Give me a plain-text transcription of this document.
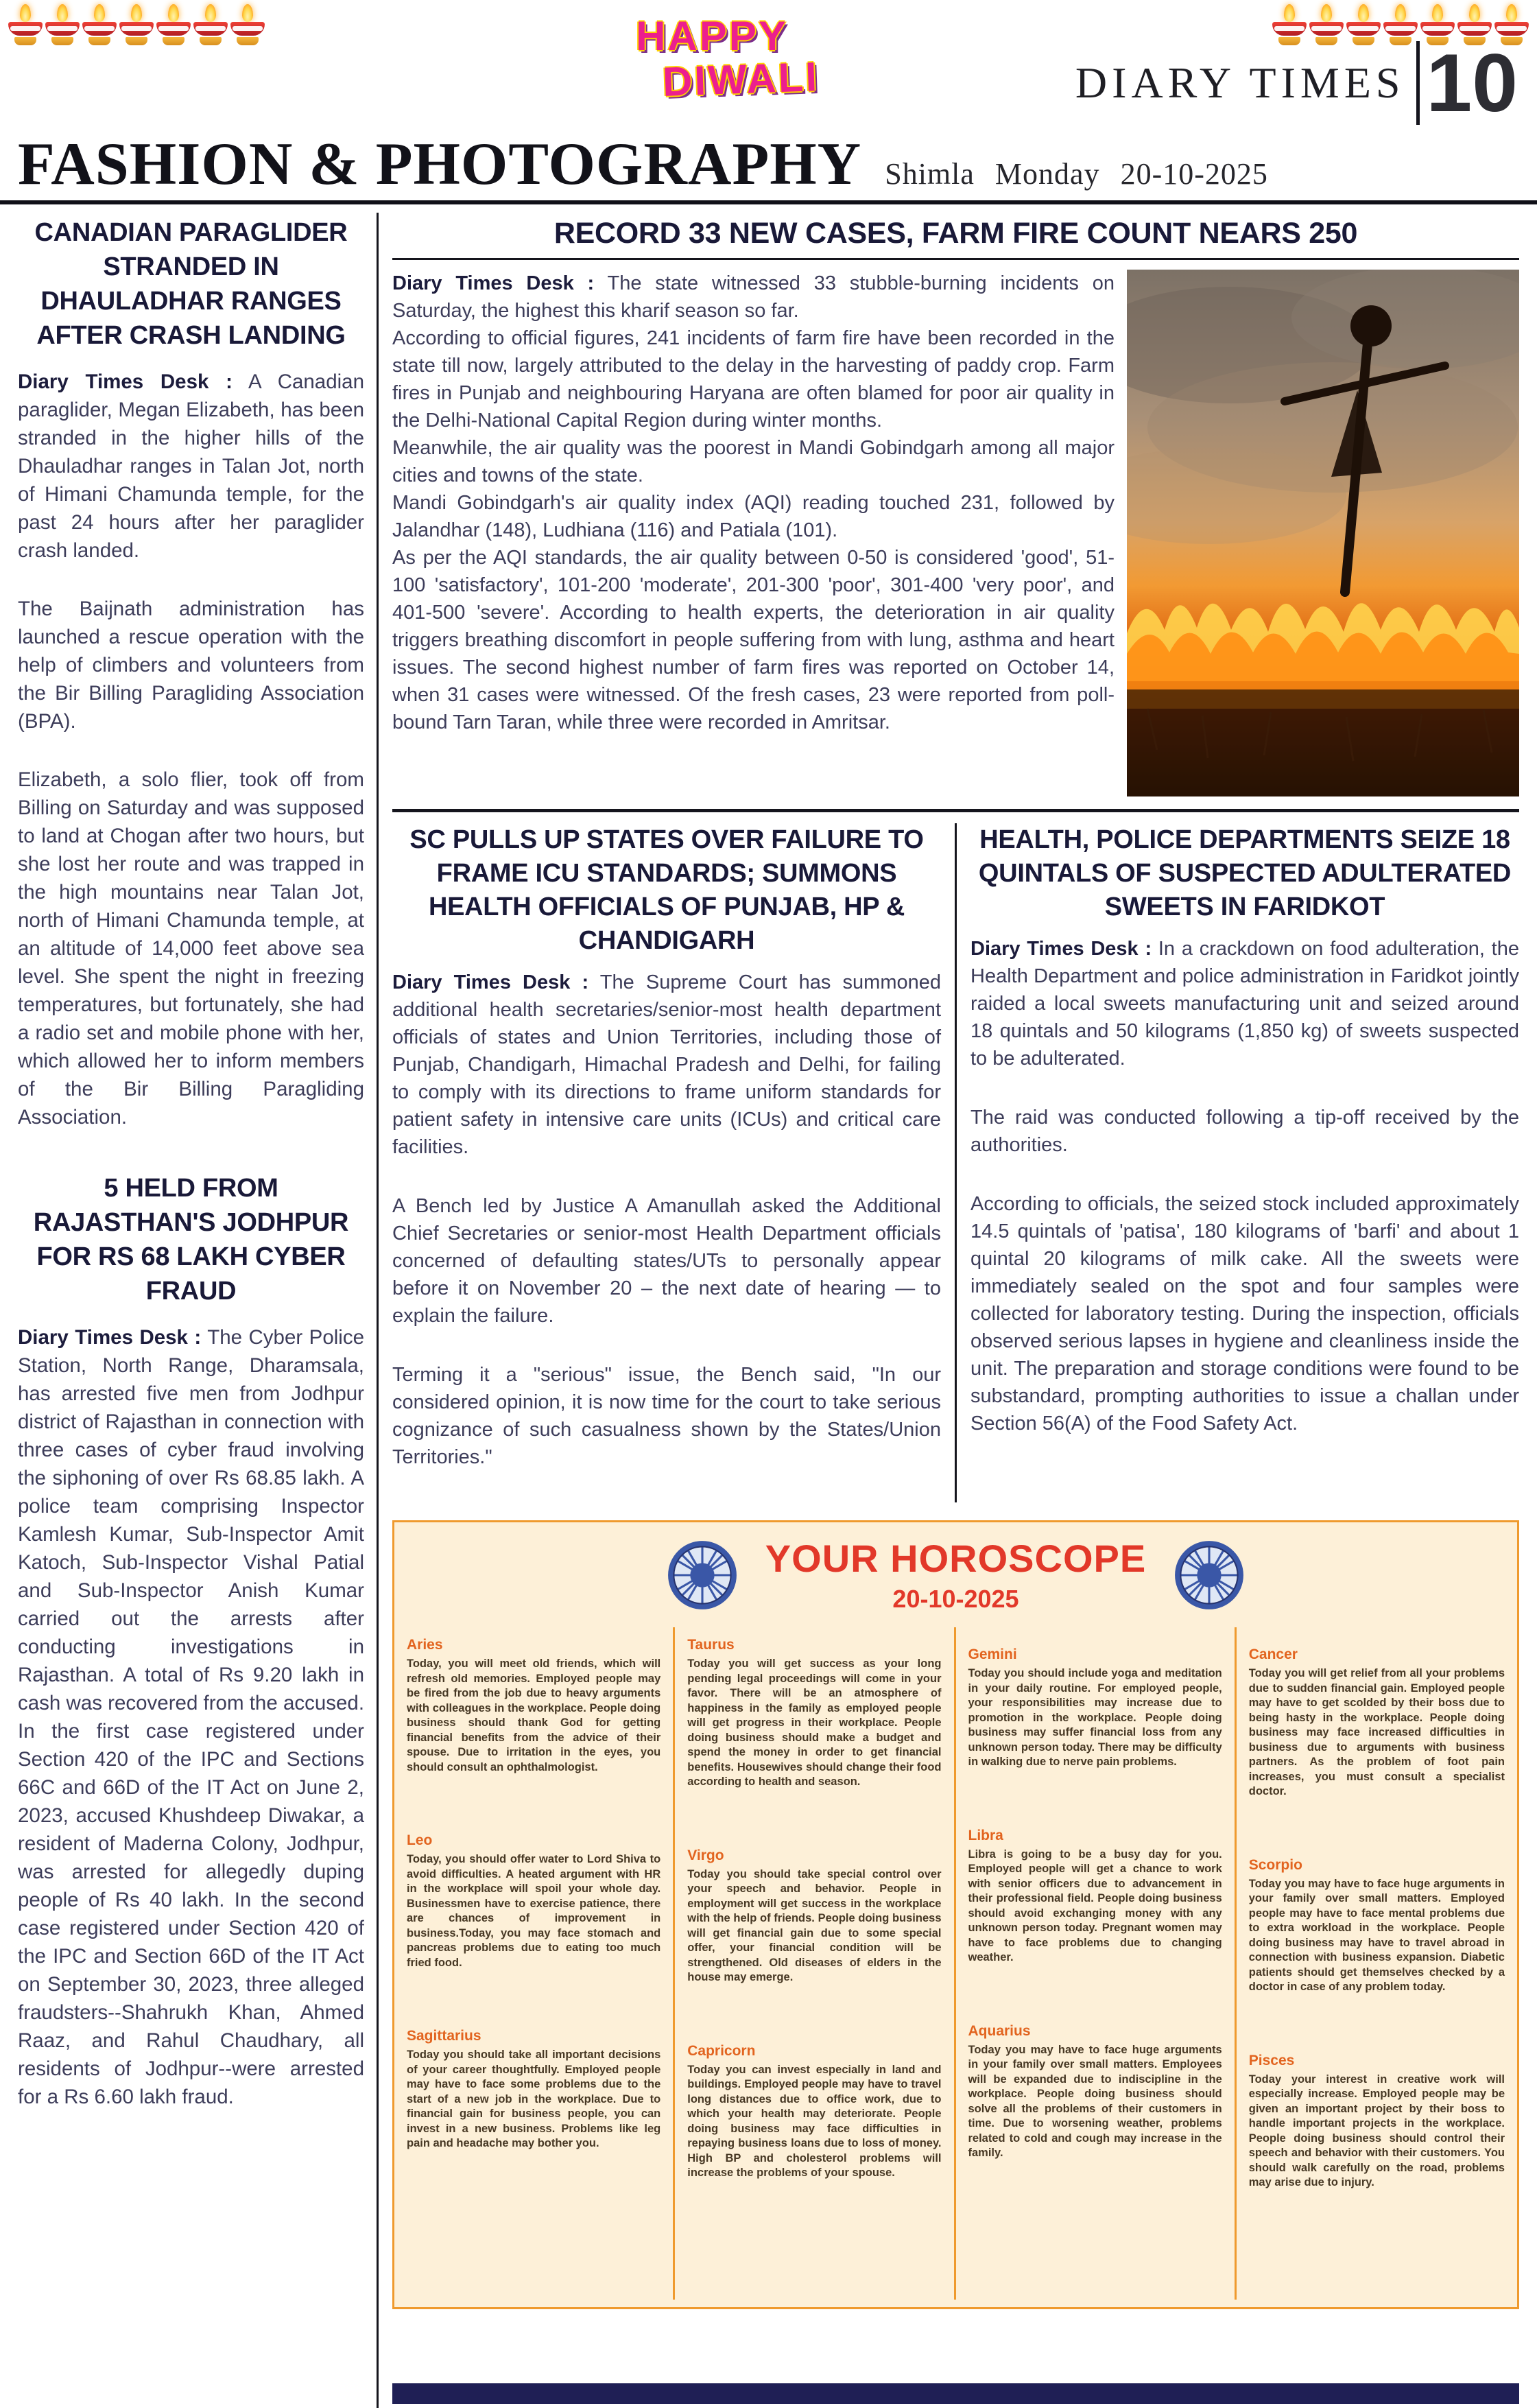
HAPPY
DIWALI	DIARY TIMES 10
FASHION & PHOTOGRAPHY Shimla Monday 20-10-2025
CANADIAN PARAGLIDER STRANDED IN DHAULADHAR RANGES AFTER CRASH LANDING

Diary Times Desk : A Canadian paraglider, Megan Elizabeth, has been stranded in the higher hills of the Dhauladhar ranges in Talan Jot, north of Himani Chamunda temple, for the past 24 hours after her paraglider crash landed.

The Baijnath administration has launched a rescue operation with the help of climbers and volunteers from the Bir Billing Paragliding Association (BPA).

Elizabeth, a solo flier, took off from Billing on Saturday and was supposed to land at Chogan after two hours, but she lost her route and was trapped in the high mountains near Talan Jot, north of Himani Chamunda temple, at an altitude of 14,000 feet above sea level. She spent the night in freezing temperatures, but fortunately, she had a radio set and mobile phone with her, which allowed her to inform members of the Bir Billing Paragliding Association.

5 HELD FROM RAJASTHAN'S JODHPUR FOR RS 68 LAKH CYBER FRAUD

Diary Times Desk : The Cyber Police Station, North Range, Dharamsala, has arrested five men from Jodhpur district of Rajasthan in connection with three cases of cyber fraud involving the siphoning of over Rs 68.85 lakh. A police team comprising Inspector Kamlesh Kumar, Sub-Inspector Amit Katoch, Sub-Inspector Vishal Patial and Sub-Inspector Anish Kumar carried out the arrests after conducting investigations in Rajasthan. A total of Rs 9.20 lakh in cash was recovered from the accused. In the first case registered under Section 420 of the IPC and Sections 66C and 66D of the IT Act on June 2, 2023, accused Khushdeep Diwakar, a resident of Maderna Colony, Jodhpur, was arrested for allegedly duping people of Rs 40 lakh. In the second case registered under Section 420 of the IPC and Section 66D of the IT Act on September 30, 2023, three alleged fraudsters--Shahrukh Khan, Ahmed Raaz, and Rahul Chaudhary, all residents of Jodhpur--were arrested for a Rs 6.60 lakh fraud.

RECORD 33 NEW CASES, FARM FIRE COUNT NEARS 250

Diary Times Desk : The state witnessed 33 stubble-burning incidents on Saturday, the highest this kharif season so far.

According to official figures, 241 incidents of farm fire have been recorded in the state till now, largely attributed to the delay in the harvesting of paddy crop. Farm fires in Punjab and neighbouring Haryana are often blamed for poor air quality in the Delhi-National Capital Region during winter months.

Meanwhile, the air quality was the poorest in Mandi Gobindgarh among all major cities and towns of the state.

Mandi Gobindgarh's air quality index (AQI) reading touched 231, followed by Jalandhar (148), Ludhiana (116) and Patiala (101).

As per the AQI standards, the air quality between 0-50 is considered 'good', 51-100 'satisfactory', 101-200 'moderate', 201-300 'poor', 301-400 'very poor', and 401-500 'severe'. According to health experts, the deterioration in air quality triggers breathing discomfort in people suffering from with lung, asthma and heart issues. The second highest number of farm fires was reported on October 14, when 31 cases were witnessed. Of the fresh cases, 23 were reported from poll-bound Tarn Taran, while three were recorded in Amritsar.

SC PULLS UP STATES OVER FAILURE TO FRAME ICU STANDARDS; SUMMONS HEALTH OFFICIALS OF PUNJAB, HP & CHANDIGARH

Diary Times Desk : The Supreme Court has summoned additional health secretaries/senior-most health department officials of states and Union Territories, including those of Punjab, Chandigarh, Himachal Pradesh and Delhi, for failing to comply with its directions to frame uniform standards for patient safety in intensive care units (ICUs) and critical care facilities.

A Bench led by Justice A Amanullah asked the Additional Chief Secretaries or senior-most Health Department officials concerned of defaulting states/UTs to personally appear before it on November 20 – the next date of hearing — to explain the failure.

Terming it a "serious" issue, the Bench said, "In our considered opinion, it is now time for the court to take serious cognizance of such casualness shown by the States/Union Territories."

HEALTH, POLICE DEPARTMENTS SEIZE 18 QUINTALS OF SUSPECTED ADULTERATED SWEETS IN FARIDKOT

Diary Times Desk : In a crackdown on food adulteration, the Health Department and police administration in Faridkot jointly raided a local sweets manufacturing unit and seized around 18 quintals and 50 kilograms (1,850 kg) of sweets suspected to be adulterated.

The raid was conducted following a tip-off received by the authorities.

According to officials, the seized stock included approximately 14.5 quintals of 'patisa', 180 kilograms of 'barfi' and about 1 quintal 20 kilograms of milk cake. All the sweets were immediately sealed on the spot and four samples were collected for laboratory testing. During the inspection, officials observed serious lapses in hygiene and cleanliness inside the unit. The preparation and storage conditions were found to be substandard, prompting authorities to issue a challan under Section 56(A) of the Food Safety Act.

YOUR HOROSCOPE
20-10-2025
Aries
Today, you will meet old friends, which will refresh old memories. Employed people may be fired from the job due to heavy arguments with colleagues in the workplace. People doing business should thank God for getting financial benefits from the advice of their spouse. Due to irritation in the eyes, you should consult an ophthalmologist.
Leo
Today, you should offer water to Lord Shiva to avoid difficulties. A heated argument with HR in the workplace will spoil your whole day. Businessmen have to exercise patience, there are chances of improvement in business.Today, you may face stomach and pancreas problems due to eating too much fried food.
Sagittarius
Today you should take all important decisions of your career thoughtfully. Employed people may have to face some problems due to the start of a new job in the workplace. Due to financial gain for business people, you can invest in a new business. Problems like leg pain and headache may bother you.
Taurus
Today you will get success as your long pending legal proceedings will come in your favor. There will be an atmosphere of happiness in the family as employed people will get progress in their workplace. People doing business should make a budget and spend the money in order to get financial benefits. Housewives should change their food according to health and season.
Virgo
Today you should take special control over your speech and behavior. People in employment will get success in the workplace with the help of friends. People doing business will get financial gain due to some special offer, your financial condition will be strengthened. Old diseases of elders in the house may emerge.
Capricorn
Today you can invest especially in land and buildings. Employed people may have to travel long distances due to office work, due to which your health may deteriorate. People doing business may face difficulties in repaying business loans due to loss of money. High BP and cholesterol problems will increase the problems of your spouse.
Gemini
Today you should include yoga and meditation in your daily routine. For employed people, your responsibilities may increase due to promotion in the workplace. People doing business may suffer financial loss from any unknown person today. There may be difficulty in walking due to nerve pain problems.
Libra
Libra is going to be a busy day for you. Employed people will get a chance to work with senior officers due to advancement in their professional field. People doing business should avoid exchanging money with any unknown person today. Pregnant women may have to face problems due to changing weather.
Aquarius
Today you may have to face huge arguments in your family over small matters. Employees will be expanded due to indiscipline in the workplace. People doing business should solve all the problems of their customers in time. Due to worsening weather, problems related to cold and cough may increase in the family.
Cancer
Today you will get relief from all your problems due to sudden financial gain. Employed people may have to get scolded by their boss due to being hasty in the workplace. People doing business may face increased difficulties in business due to arguments with business partners. As the problem of foot pain increases, you must consult a specialist doctor.
Scorpio
Today you may have to face huge arguments in your family over small matters. Employed people may have to face mental problems due to extra workload in the workplace. People doing business may have to travel abroad in connection with business expansion. Diabetic patients should get themselves checked by a doctor in case of any problem today.
Pisces
Today your interest in creative work will especially increase. Employed people may be given an important project by their boss to handle important projects in the workplace. People doing business should control their speech and behavior with their customers. You should walk carefully on the road, problems may arise due to injury.
